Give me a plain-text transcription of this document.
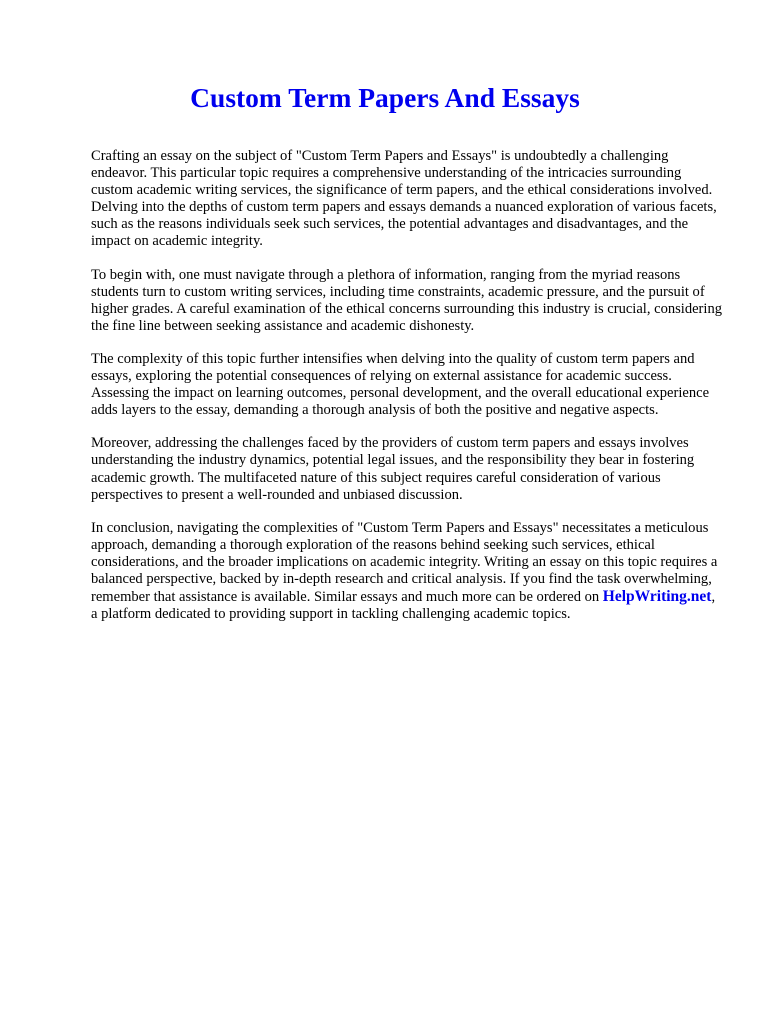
Custom Term Papers And Essays

Crafting an essay on the subject of "Custom Term Papers and Essays" is undoubtedly a challenging endeavor. This particular topic requires a comprehensive understanding of the intricacies surrounding custom academic writing services, the significance of term papers, and the ethical considerations involved. Delving into the depths of custom term papers and essays demands a nuanced exploration of various facets, such as the reasons individuals seek such services, the potential advantages and disadvantages, and the impact on academic integrity.

To begin with, one must navigate through a plethora of information, ranging from the myriad reasons students turn to custom writing services, including time constraints, academic pressure, and the pursuit of higher grades. A careful examination of the ethical concerns surrounding this industry is crucial, considering the fine line between seeking assistance and academic dishonesty.

The complexity of this topic further intensifies when delving into the quality of custom term papers and essays, exploring the potential consequences of relying on external assistance for academic success. Assessing the impact on learning outcomes, personal development, and the overall educational experience adds layers to the essay, demanding a thorough analysis of both the positive and negative aspects.

Moreover, addressing the challenges faced by the providers of custom term papers and essays involves understanding the industry dynamics, potential legal issues, and the responsibility they bear in fostering academic growth. The multifaceted nature of this subject requires careful consideration of various perspectives to present a well-rounded and unbiased discussion.

In conclusion, navigating the complexities of "Custom Term Papers and Essays" necessitates a meticulous approach, demanding a thorough exploration of the reasons behind seeking such services, ethical considerations, and the broader implications on academic integrity. Writing an essay on this topic requires a balanced perspective, backed by in-depth research and critical analysis. If you find the task overwhelming, remember that assistance is available. Similar essays and much more can be ordered on HelpWriting.net, a platform dedicated to providing support in tackling challenging academic topics.
